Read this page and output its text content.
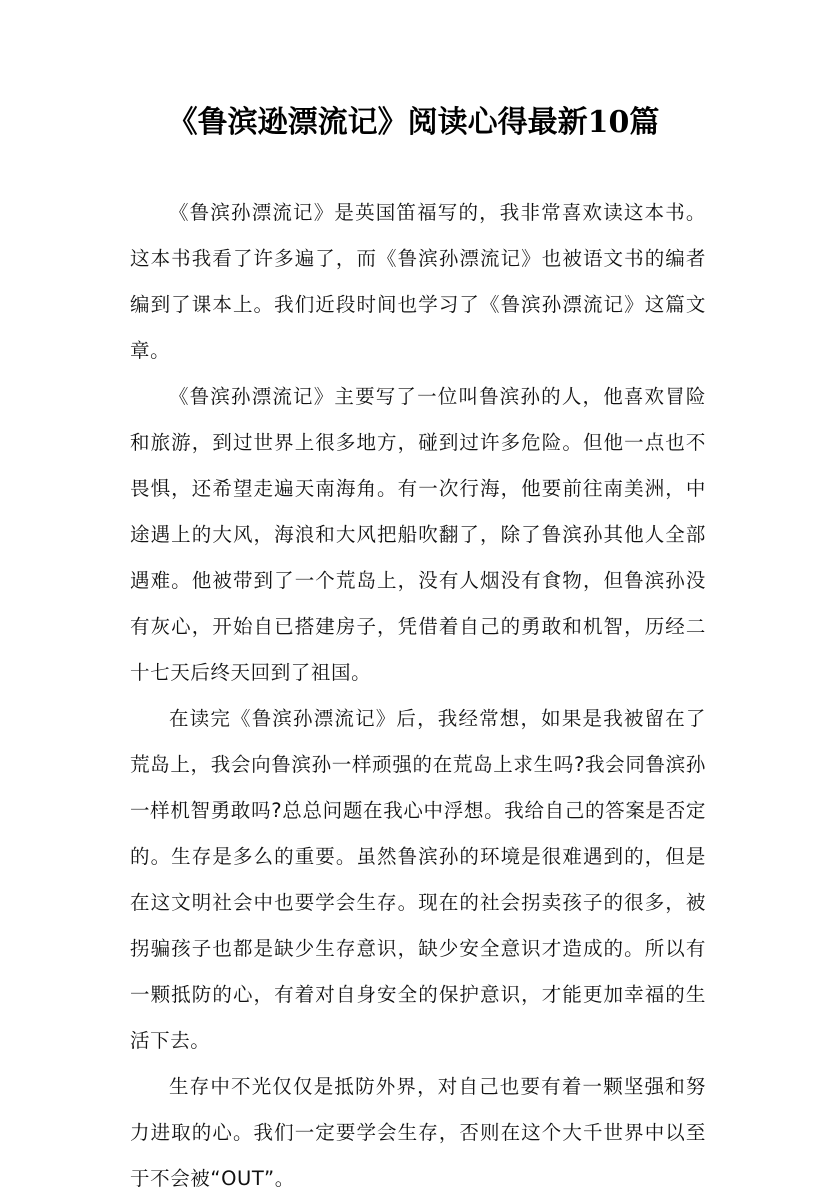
《鲁滨逊漂流记》阅读心得最新10篇

《鲁滨孙漂流记》是英国笛福写的，我非常喜欢读这本书。这本书我看了许多遍了，而《鲁滨孙漂流记》也被语文书的编者编到了课本上。我们近段时间也学习了《鲁滨孙漂流记》这篇文章。

《鲁滨孙漂流记》主要写了一位叫鲁滨孙的人，他喜欢冒险和旅游，到过世界上很多地方，碰到过许多危险。但他一点也不畏惧，还希望走遍天南海角。有一次行海，他要前往南美洲，中途遇上的大风，海浪和大风把船吹翻了，除了鲁滨孙其他人全部遇难。他被带到了一个荒岛上，没有人烟没有食物，但鲁滨孙没有灰心，开始自已搭建房子，凭借着自己的勇敢和机智，历经二十七天后终天回到了祖国。

在读完《鲁滨孙漂流记》后，我经常想，如果是我被留在了荒岛上，我会向鲁滨孙一样顽强的在荒岛上求生吗?我会同鲁滨孙一样机智勇敢吗?总总问题在我心中浮想。我给自己的答案是否定的。生存是多么的重要。虽然鲁滨孙的环境是很难遇到的，但是在这文明社会中也要学会生存。现在的社会拐卖孩子的很多，被拐骗孩子也都是缺少生存意识，缺少安全意识才造成的。所以有一颗抵防的心，有着对自身安全的保护意识，才能更加幸福的生活下去。

生存中不光仅仅是抵防外界，对自己也要有着一颗坚强和努力进取的心。我们一定要学会生存，否则在这个大千世界中以至于不会被“OUT”。
